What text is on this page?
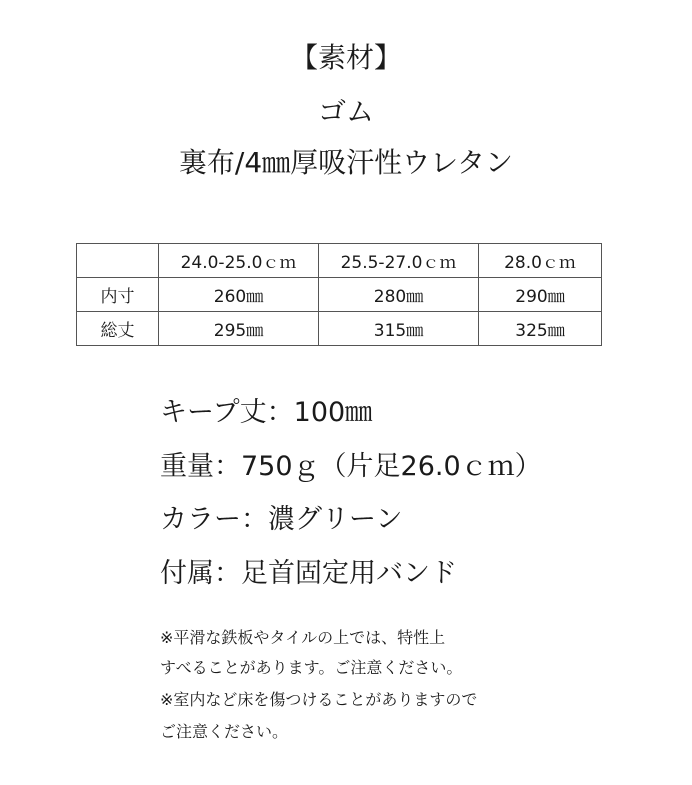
【素材】
ゴム
裏布/4㎜厚吸汗性ウレタン
	24.0-25.0ｃｍ	25.5-27.0ｃｍ	28.0ｃｍ
内寸	260㎜	280㎜	290㎜
総丈	295㎜	315㎜	325㎜
キープ丈：100㎜
重量：750ｇ（片足26.0ｃｍ）
カラー：濃グリーン
付属：足首固定用バンド
※平滑な鉄板やタイルの上では、特性上
すべることがあります。ご注意ください。
※室内など床を傷つけることがありますので
ご注意ください。
